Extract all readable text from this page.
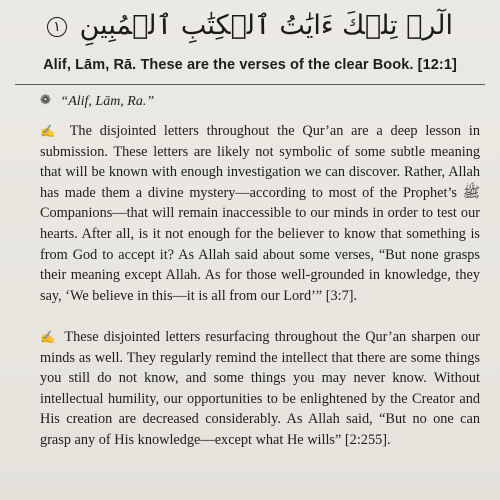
الٓرۚ تِلۡكَ ءَايَٰتُ ٱلۡكِتَٰبِ ٱلۡمُبِينِ ١
Alif, Lām, Rā. These are the verses of the clear Book. [12:1]
❁ “Alif, Lām, Ra.”
✍ The disjointed letters throughout the Qur’an are a deep lesson in submission. These letters are likely not symbolic of some subtle meaning that will be known with enough investigation we can discover. Rather, Allah has made them a divine mystery—according to most of the Prophet’s ﷺ Companions—that will remain inaccessible to our minds in order to test our hearts. After all, is it not enough for the believer to know that something is from God to accept it? As Allah said about some verses, “But none grasps their meaning except Allah. As for those well-grounded in knowledge, they say, ‘We believe in this—it is all from our Lord’” [3:7].
✍ These disjointed letters resurfacing throughout the Qur’an sharpen our minds as well. They regularly remind the intellect that there are some things you still do not know, and some things you may never know. Without intellectual humility, our opportunities to be enlightened by the Creator and His creation are decreased considerably. As Allah said, “But no one can grasp any of His knowledge—except what He wills” [2:255].
